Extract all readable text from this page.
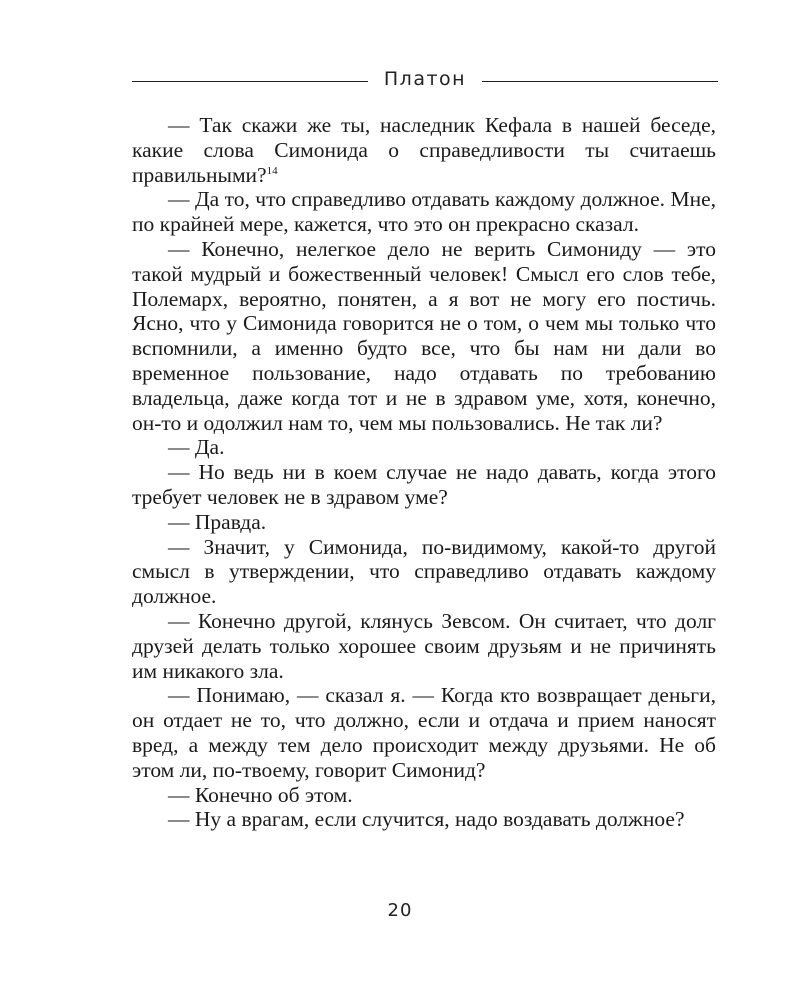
Платон

— Так скажи же ты, наследник Кефала в нашей беседе, какие слова Симонида о справедливости ты считаешь правильными?$^{14}$

— Да то, что справедливо отдавать каждому должное. Мне, по крайней мере, кажется, что это он прекрасно сказал.

— Конечно, нелегкое дело не верить Симониду — это такой мудрый и божественный человек! Смысл его слов тебе, Полемарх, вероятно, понятен, а я вот не могу его постичь. Ясно, что у Симонида говорится не о том, о чем мы только что вспомнили, а именно будто все, что бы нам ни дали во временное пользование, надо отдавать по требованию владельца, даже когда тот и не в здравом уме, хотя, конечно, он-то и одолжил нам то, чем мы пользовались. Не так ли?

— Да.

— Но ведь ни в коем случае не надо давать, когда этого требует человек не в здравом уме?

— Правда.

— Значит, у Симонида, по-видимому, какой-то другой смысл в утверждении, что справедливо отдавать каждому должное.

— Конечно другой, клянусь Зевсом. Он считает, что долг друзей делать только хорошее своим друзьям и не причинять им никакого зла.

— Понимаю, — сказал я. — Когда кто возвращает деньги, он отдает не то, что должно, если и отдача и прием наносят вред, а между тем дело происходит между друзьями. Не об этом ли, по-твоему, говорит Симонид?

— Конечно об этом.

— Ну а врагам, если случится, надо воздавать должное?

20
